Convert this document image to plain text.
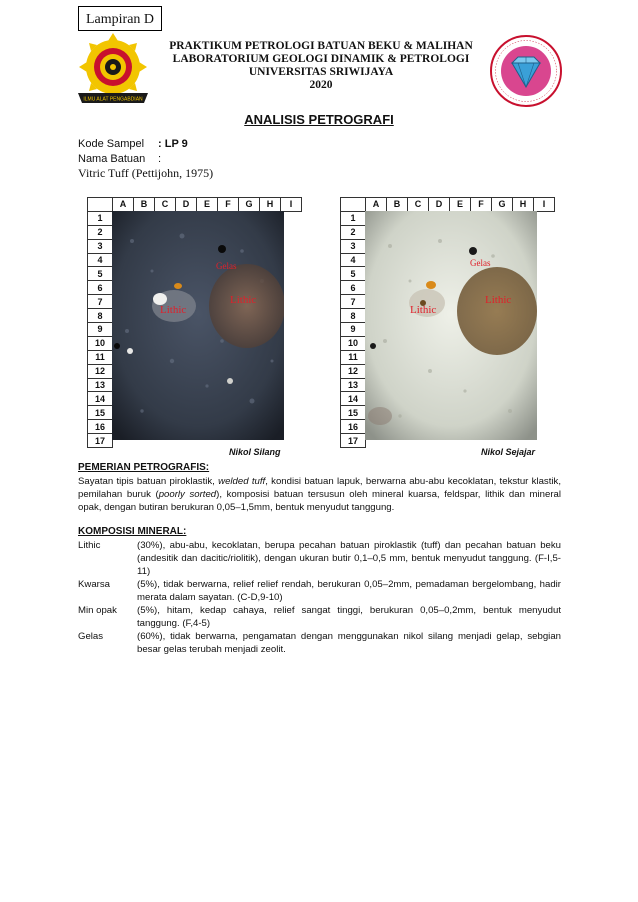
Lampiran D
ILMU ALAT PENGABDIAN
PRAKTIKUM PETROLOGI BATUAN BEKU & MALIHAN
LABORATORIUM GEOLOGI DINAMIK & PETROLOGI
UNIVERSITAS SRIWIJAYA
2020
ANALISIS PETROGRAFI
Kode Sampel : LP 9
Nama Batuan :
Vitric Tuff (Pettijohn, 1975)
	A	B	C	D	E	F	G	H	I
1									
2									
3									
4									
5									
6									
7									
8									
9									
10									
11									
12									
13									
14									
15									
16									
17									
Gelas
Lithic
Lithic
Nikol Silang
	A	B	C	D	E	F	G	H	I
1									
2									
3									
4									
5									
6									
7									
8									
9									
10									
11									
12									
13									
14									
15									
16									
17									
Gelas
Lithic
Lithic
Nikol Sejajar
PEMERIAN PETROGRAFIS:
Sayatan tipis batuan piroklastik, welded tuff, kondisi batuan lapuk, berwarna abu-abu kecoklatan, tekstur klastik, pemilahan buruk (poorly sorted), komposisi batuan tersusun oleh mineral kuarsa, feldspar, lithik dan mineral opak, dengan butiran berukuran 0,05–1,5mm, bentuk menyudut tanggung.
KOMPOSISI MINERAL:
Lithic	(30%), abu-abu, kecoklatan, berupa pecahan batuan piroklastik (tuff) dan pecahan batuan beku (andesitik dan dacitic/riolitik), dengan ukuran butir 0,1–0,5 mm, bentuk menyudut tanggung. (F-I,5-11)
Kwarsa	(5%), tidak berwarna, relief relief rendah, berukuran 0,05–2mm, pemadaman bergelombang, hadir merata dalam sayatan. (C-D,9-10)
Min opak (5%), hitam, kedap cahaya, relief sangat tinggi, berukuran 0,05–0,2mm, bentuk menyudut tanggung. (F,4-5)
Gelas	(60%), tidak berwarna, pengamatan dengan menggunakan nikol silang menjadi gelap, sebgian besar gelas terubah menjadi zeolit.
